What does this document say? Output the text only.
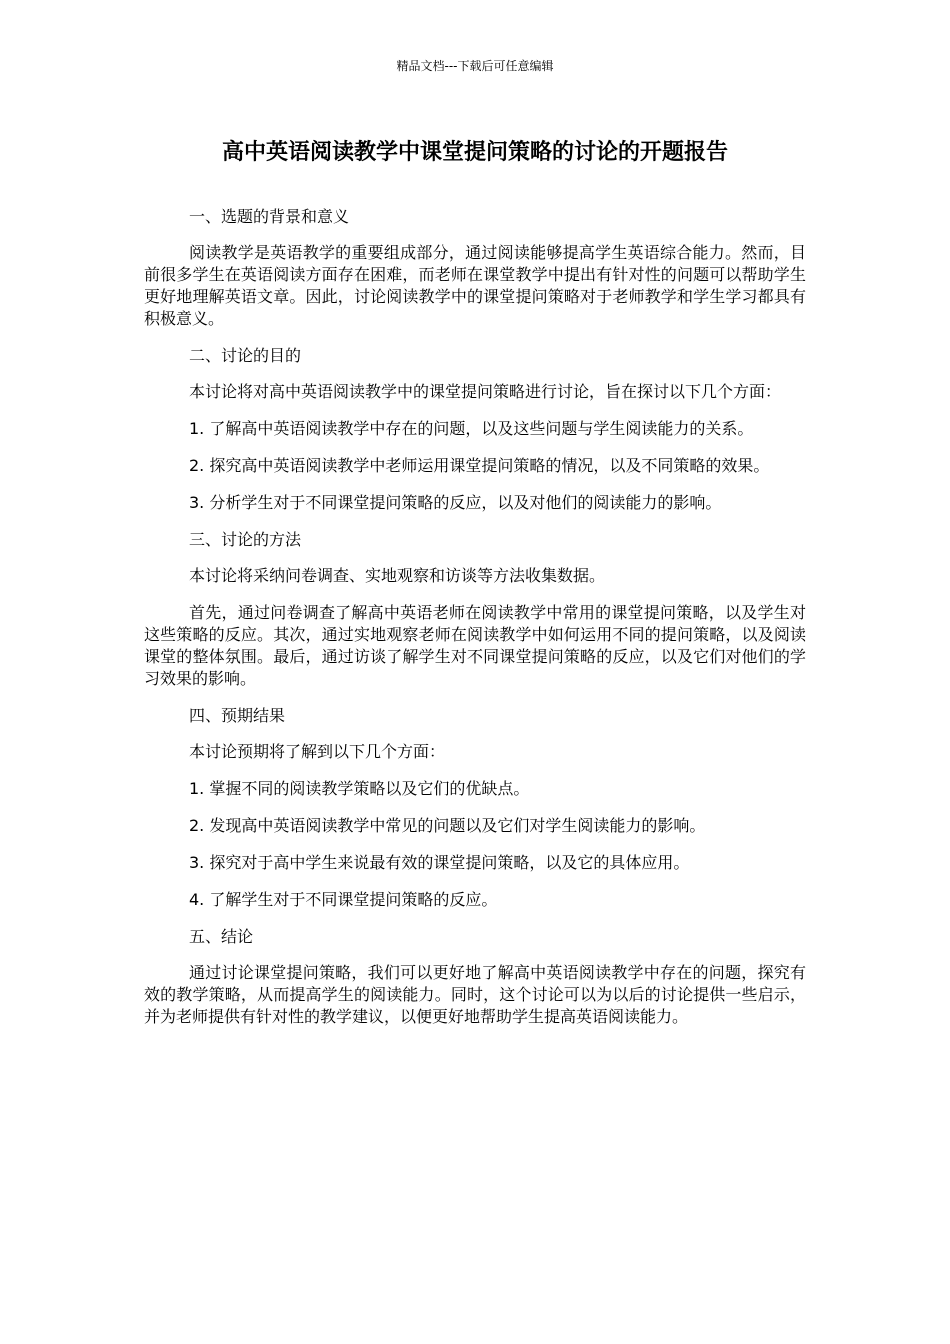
精品文档---下载后可任意编辑
高中英语阅读教学中课堂提问策略的讨论的开题报告

一、选题的背景和意义

阅读教学是英语教学的重要组成部分，通过阅读能够提高学生英语综合能力。然而，目前很多学生在英语阅读方面存在困难，而老师在课堂教学中提出有针对性的问题可以帮助学生更好地理解英语文章。因此，讨论阅读教学中的课堂提问策略对于老师教学和学生学习都具有积极意义。

二、讨论的目的

本讨论将对高中英语阅读教学中的课堂提问策略进行讨论，旨在探讨以下几个方面：

1. 了解高中英语阅读教学中存在的问题，以及这些问题与学生阅读能力的关系。

2. 探究高中英语阅读教学中老师运用课堂提问策略的情况，以及不同策略的效果。

3. 分析学生对于不同课堂提问策略的反应，以及对他们的阅读能力的影响。

三、讨论的方法

本讨论将采纳问卷调查、实地观察和访谈等方法收集数据。

首先，通过问卷调查了解高中英语老师在阅读教学中常用的课堂提问策略，以及学生对这些策略的反应。其次，通过实地观察老师在阅读教学中如何运用不同的提问策略，以及阅读课堂的整体氛围。最后，通过访谈了解学生对不同课堂提问策略的反应，以及它们对他们的学习效果的影响。

四、预期结果

本讨论预期将了解到以下几个方面：

1. 掌握不同的阅读教学策略以及它们的优缺点。

2. 发现高中英语阅读教学中常见的问题以及它们对学生阅读能力的影响。

3. 探究对于高中学生来说最有效的课堂提问策略，以及它的具体应用。

4. 了解学生对于不同课堂提问策略的反应。

五、结论

通过讨论课堂提问策略，我们可以更好地了解高中英语阅读教学中存在的问题，探究有效的教学策略，从而提高学生的阅读能力。同时，这个讨论可以为以后的讨论提供一些启示，并为老师提供有针对性的教学建议，以便更好地帮助学生提高英语阅读能力。
